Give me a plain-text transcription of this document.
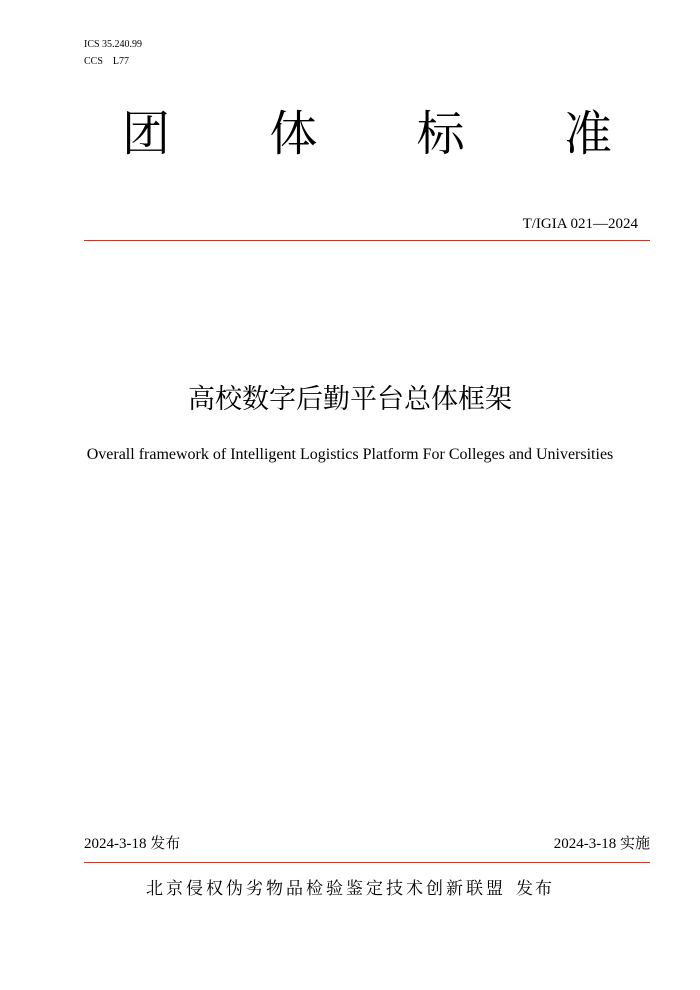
ICS 35.240.99
CCS　L77
团 体 标 准
T/IGIA 021—2024
高校数字后勤平台总体框架
Overall framework of Intelligent Logistics Platform For Colleges and Universities
2024-3-18 发布	2024-3-18 实施
北京侵权伪劣物品检验鉴定技术创新联盟 发布
